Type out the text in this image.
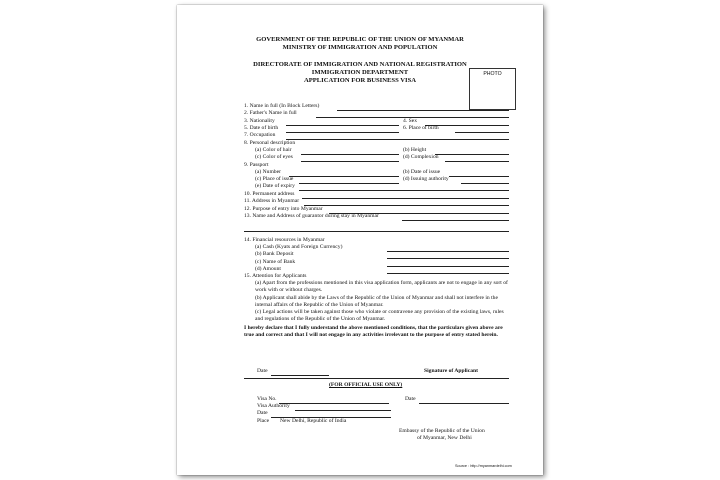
GOVERNMENT OF THE REPUBLIC OF THE UNION OF MYANMAR
MINISTRY OF IMMIGRATION AND POPULATION
DIRECTORATE OF IMMIGRATION AND NATIONAL REGISTRATION
IMMIGRATION DEPARTMENT
APPLICATION FOR BUSINESS VISA
PHOTO
1. Name in full (In Block Letters)
2. Father's Name in full
3. Nationality	4. Sex
5. Date of birth	6. Place of birth
7. Occupation
8. Personal description
(a) Color of hair	(b) Height
(c) Color of eyes	(d) Complexion
9. Passport
(a) Number	(b) Date of issue
(c) Place of issue	(d) Issuing authority
(e) Date of expiry
10. Permanent address
11. Address in Myanmar
12. Purpose of entry into Myanmar
13. Name and Address of guarantor during stay in Myanmar
14. Financial resources in Myanmar
(a) Cash (Kyats and Foreign Currency)
(b) Bank Deposit
(c) Name of Bank
(d) Amount
15. Attention for Applicants
(a) Apart from the professions mentioned in this visa application form, applicants are not to engage in any sort of work with or without charges.
(b) Applicant shall abide by the Laws of the Republic of the Union of Myanmar and shall not interfere in the internal affairs of the Republic of the Union of Myanmar.
(c) Legal actions will be taken against those who violate or contravene any provision of the existing laws, rules and regulations of the Republic of the Union of Myanmar.
I hereby declare that I fully understand the above mentioned conditions, that the particulars given above are true and correct and that I will not engage in any activities irrelevant to the purpose of entry stated herein.
Date	Signature of Applicant
(FOR OFFICIAL USE ONLY)
Visa No.	Date
Visa Authority
Date
Place New Delhi, Republic of India
Embassy of the Republic of the Union
of Myanmar, New Delhi
Source : http://myanmardelhi.com
